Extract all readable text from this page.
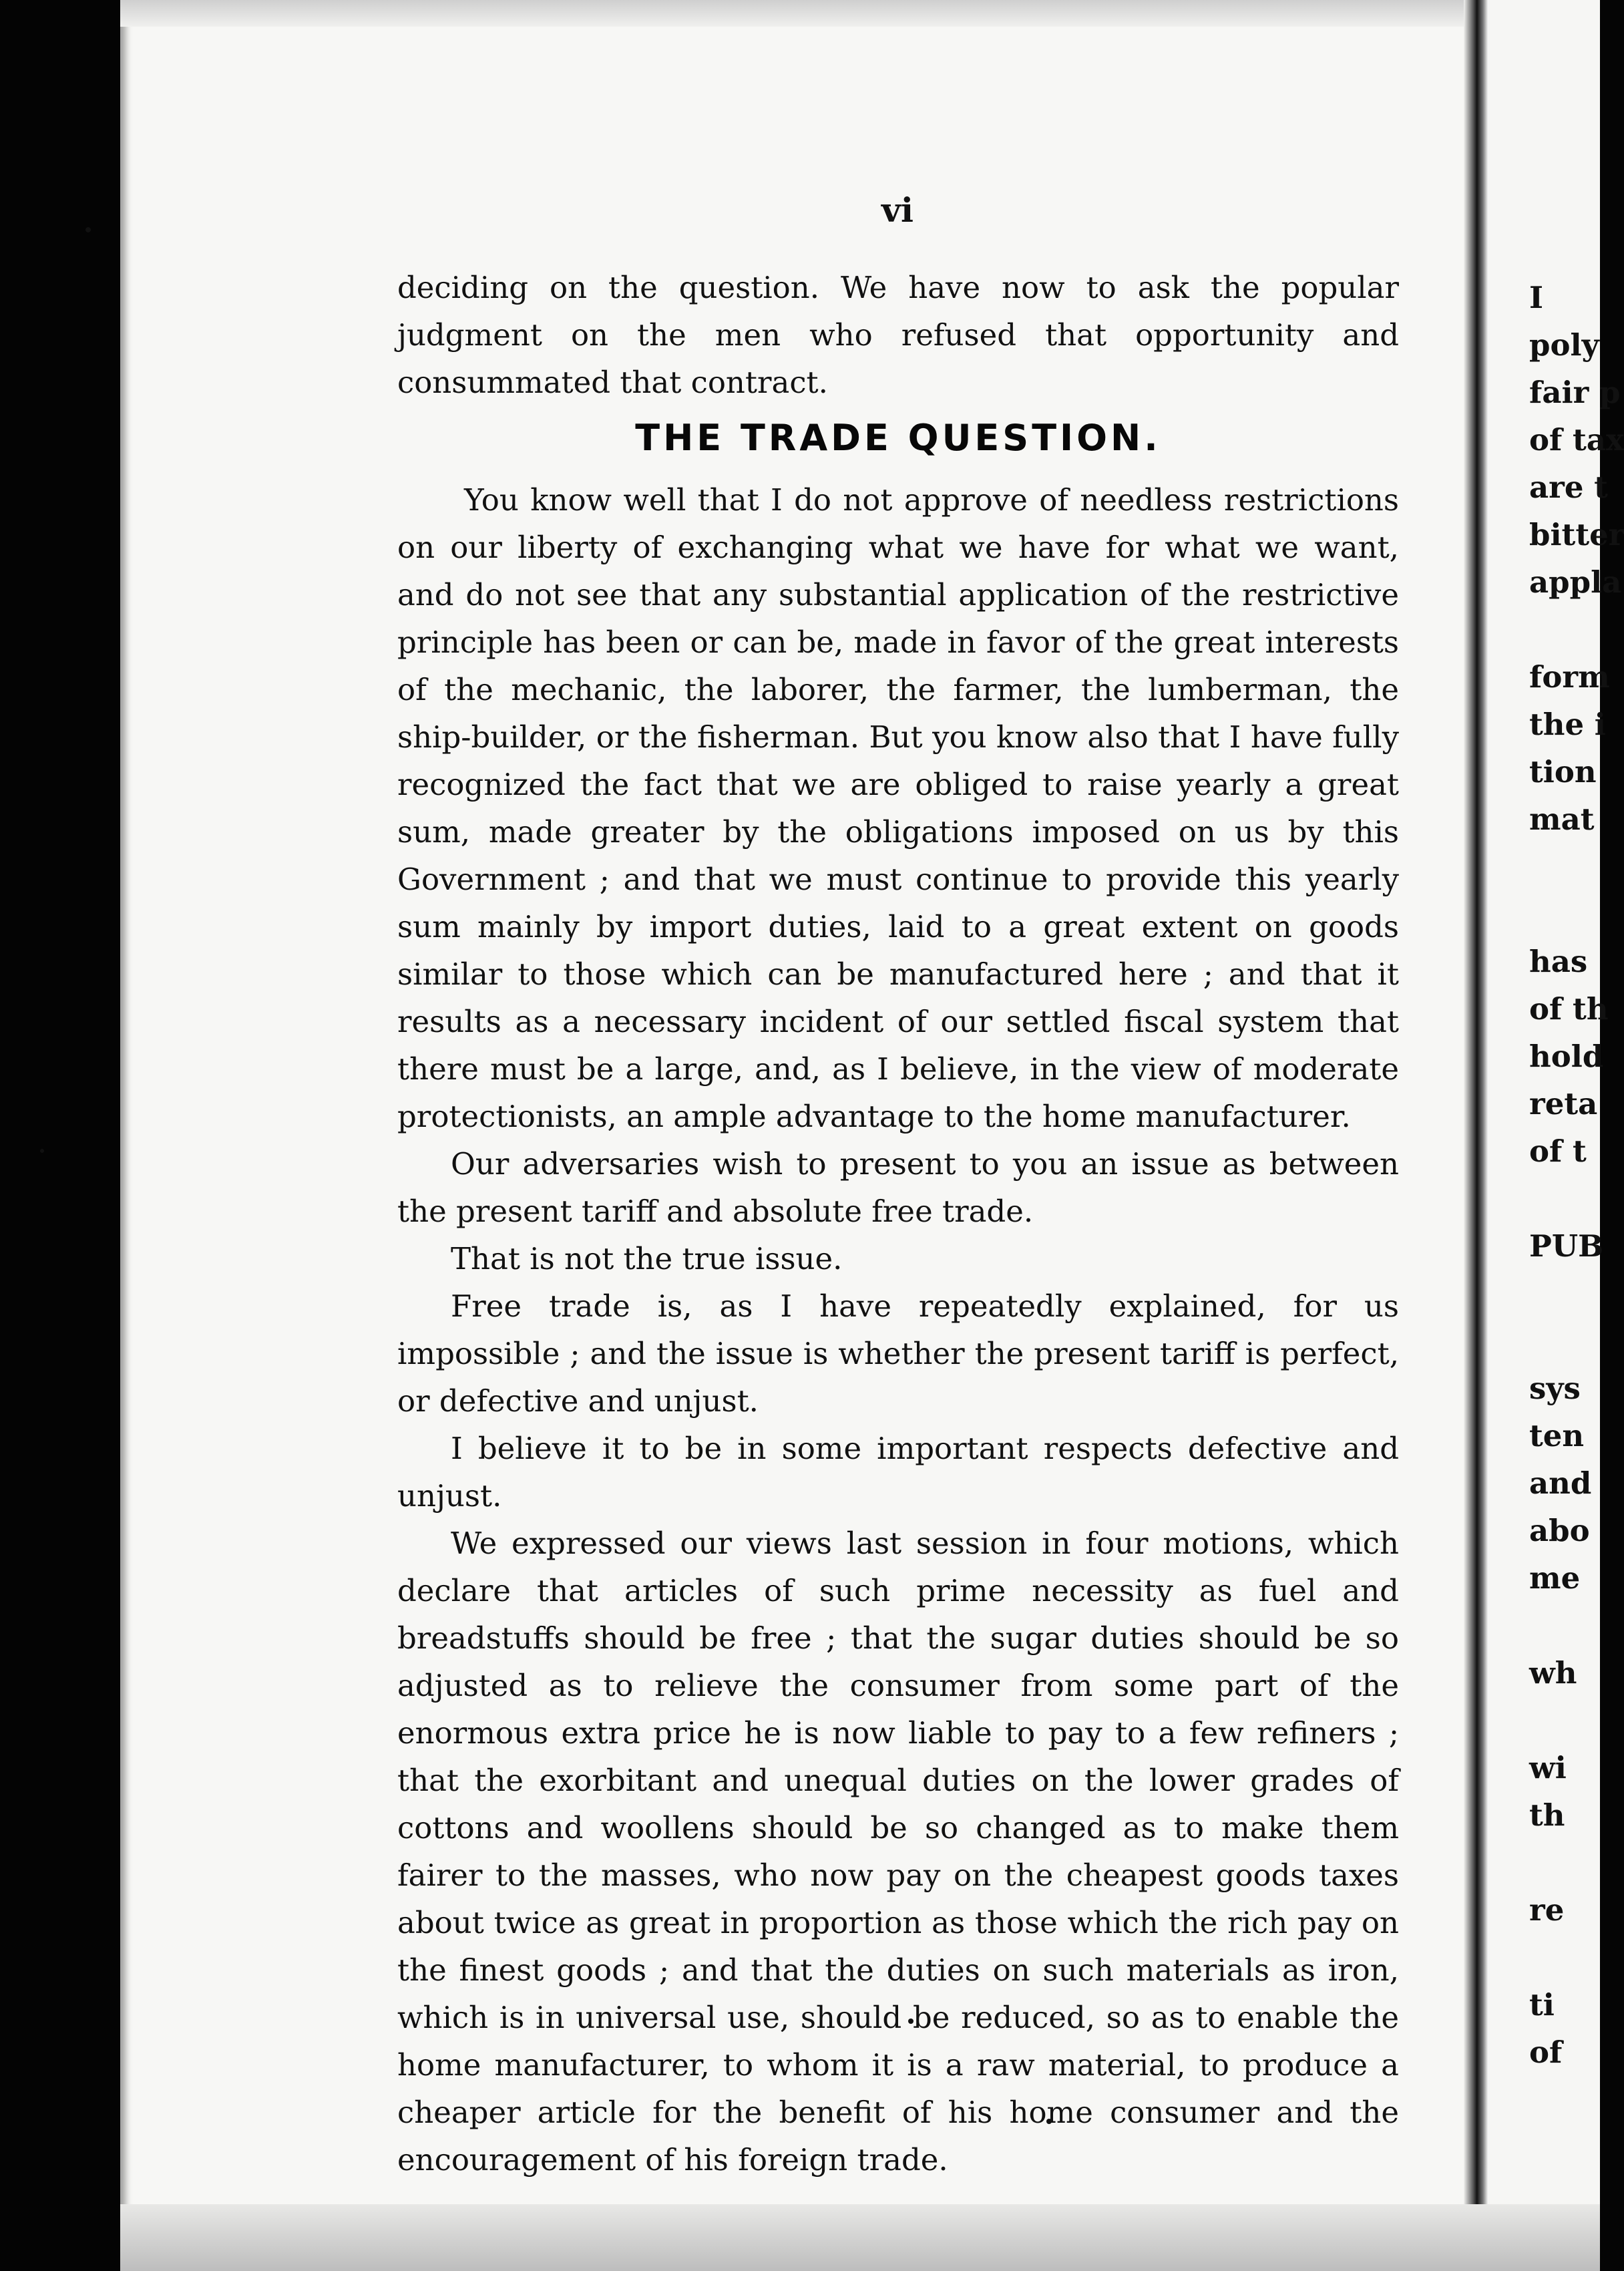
vi

deciding on the question. We have now to ask the popular judgment on the men who refused that opportunity and consummated that contract.

THE TRADE QUESTION.

You know well that I do not approve of needless restrictions on our liberty of exchanging what we have for what we want, and do not see that any substantial application of the restrictive principle has been or can be, made in favor of the great interests of the mechanic, the laborer, the farmer, the lumberman, the ship-builder, or the fisherman. But you know also that I have fully recognized the fact that we are obliged to raise yearly a great sum, made greater by the obligations imposed on us by this Government ; and that we must continue to provide this yearly sum mainly by import duties, laid to a great extent on goods similar to those which can be manufactured here ; and that it results as a necessary incident of our settled fiscal system that there must be a large, and, as I believe, in the view of moderate protectionists, an ample advantage to the home manufacturer.

Our adversaries wish to present to you an issue as between the present tariff and absolute free trade.

That is not the true issue.

Free trade is, as I have repeatedly explained, for us impossible ; and the issue is whether the present tariff is perfect, or defective and unjust.

I believe it to be in some important respects defective and unjust.

We expressed our views last session in four motions, which declare that articles of such prime necessity as fuel and breadstuffs should be free ; that the sugar duties should be so adjusted as to relieve the consumer from some part of the enormous extra price he is now liable to pay to a few refiners ; that the exorbitant and unequal duties on the lower grades of cottons and woollens should be so changed as to make them fairer to the masses, who now pay on the cheapest goods taxes about twice as great in proportion as those which the rich pay on the finest goods ; and that the duties on such materials as iron, which is in universal use, should be reduced, so as to enable the home manufacturer, to whom it is a raw material, to produce a cheaper article for the benefit of his home consumer and the encouragement of his foreign trade.

I
poly
fair p
of tax
are t
bitter
appla
form
the i
tion
mat
has
of th
hold
reta
of t
PUB
sys
ten
and
abo
me
wh
wi
th
re
ti
of
